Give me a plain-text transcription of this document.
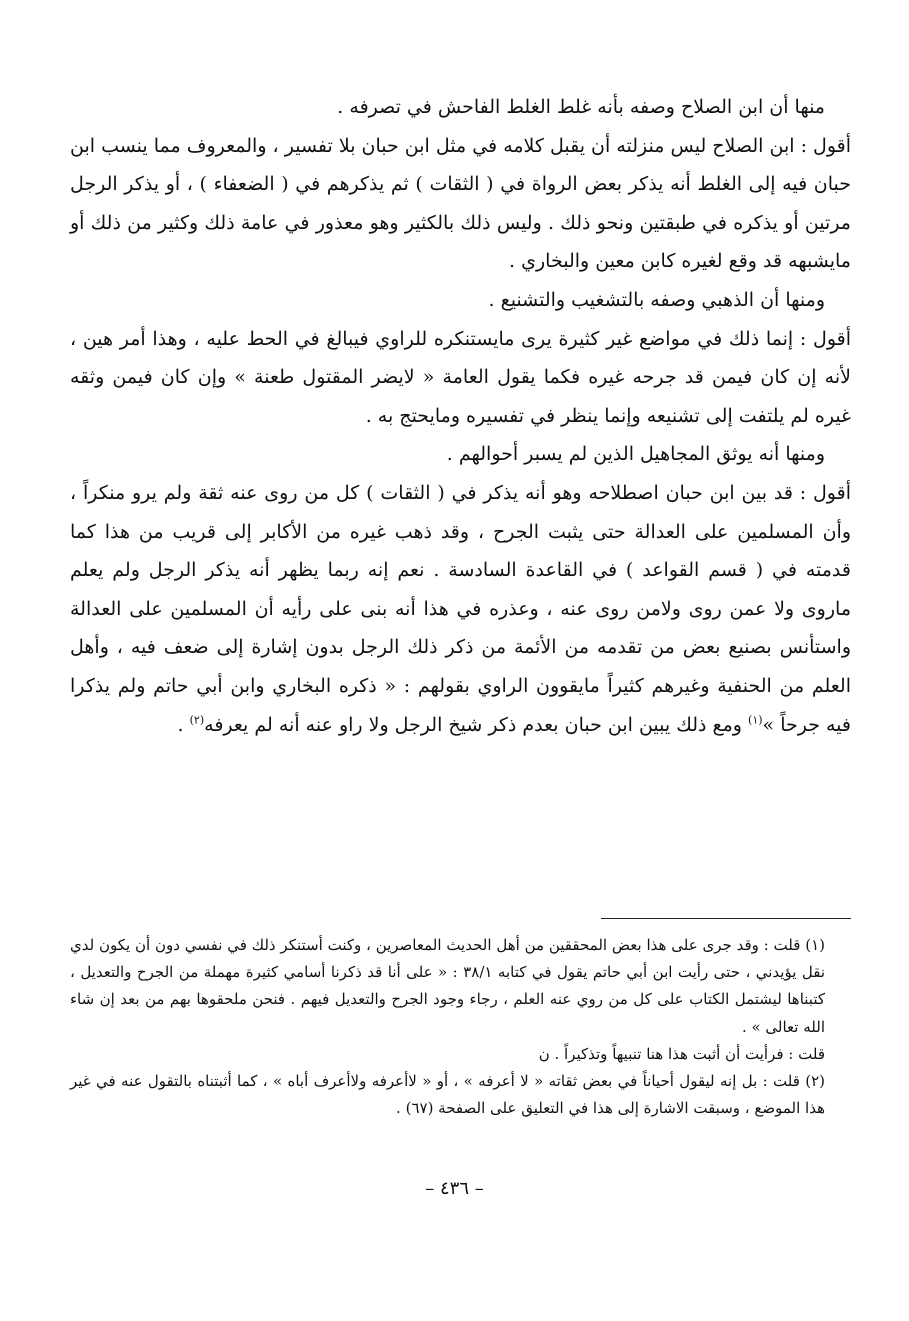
منها أن ابن الصلاح وصفه بأنه غلط الغلط الفاحش في تصرفه .

أقول : ابن الصلاح ليس منزلته أن يقبل كلامه في مثل ابن حبان بلا تفسير ، والمعروف مما ينسب ابن حبان فيه إلى الغلط أنه يذكر بعض الرواة في ( الثقات ) ثم يذكرهم في ( الضعفاء ) ، أو يذكر الرجل مرتين أو يذكره في طبقتين ونحو ذلك . وليس ذلك بالكثير وهو معذور في عامة ذلك وكثير من ذلك أو مايشبهه قد وقع لغيره كابن معين والبخاري .

ومنها أن الذهبي وصفه بالتشغيب والتشنيع .

أقول : إنما ذلك في مواضع غير كثيرة يرى مايستنكره للراوي فيبالغ في الحط عليه ، وهذا أمر هين ، لأنه إن كان فيمن قد جرحه غيره فكما يقول العامة « لايضر المقتول طعنة » وإن كان فيمن وثقه غيره لم يلتفت إلى تشنيعه وإنما ينظر في تفسيره ومايحتج به .

ومنها أنه يوثق المجاهيل الذين لم يسبر أحوالهم .

أقول : قد بين ابن حبان اصطلاحه وهو أنه يذكر في ( الثقات ) كل من روى عنه ثقة ولم يرو منكراً ، وأن المسلمين على العدالة حتى يثبت الجرح ، وقد ذهب غيره من الأكابر إلى قريب من هذا كما قدمته في ( قسم القواعد ) في القاعدة السادسة . نعم إنه ربما يظهر أنه يذكر الرجل ولم يعلم ماروى ولا عمن روى ولامن روى عنه ، وعذره في هذا أنه بنى على رأيه أن المسلمين على العدالة واستأنس بصنيع بعض من تقدمه من الأئمة من ذكر ذلك الرجل بدون إشارة إلى ضعف فيه ، وأهل العلم من الحنفية وغيرهم كثيراً مايقوون الراوي بقولهم : « ذكره البخاري وابن أبي حاتم ولم يذكرا فيه جرحاً »$^{(١)}$ ومع ذلك يبين ابن حبان بعدم ذكر شيخ الرجل ولا راو عنه أنه لم يعرفه$^{(٢)}$ .

(١) قلت : وقد جرى على هذا بعض المحققين من أهل الحديث المعاصرين ، وكنت أستنكر ذلك في نفسي دون أن يكون لدي نقل يؤيدني ، حتى رأيت ابن أبي حاتم يقول في كتابه ٣٨/١ : « على أنا قد ذكرنا أسامي كثيرة مهملة من الجرح والتعديل ، كتبناها ليشتمل الكتاب على كل من روي عنه العلم ، رجاء وجود الجرح والتعديل فيهم . فنحن ملحقوها بهم من بعد إن شاء الله تعالى » .

قلت : فرأيت أن أثبت هذا هنا تنبيهاً وتذكيراً . ن

(٢) قلت : بل إنه ليقول أحياناً في بعض ثقاته « لا أعرفه » ، أو « لاأعرفه ولاأعرف أباه » ، كما أثبتناه بالتقول عنه في غير هذا الموضع ، وسبقت الاشارة إلى هذا في التعليق على الصفحة (٦٧) .

– ٤٣٦ –
